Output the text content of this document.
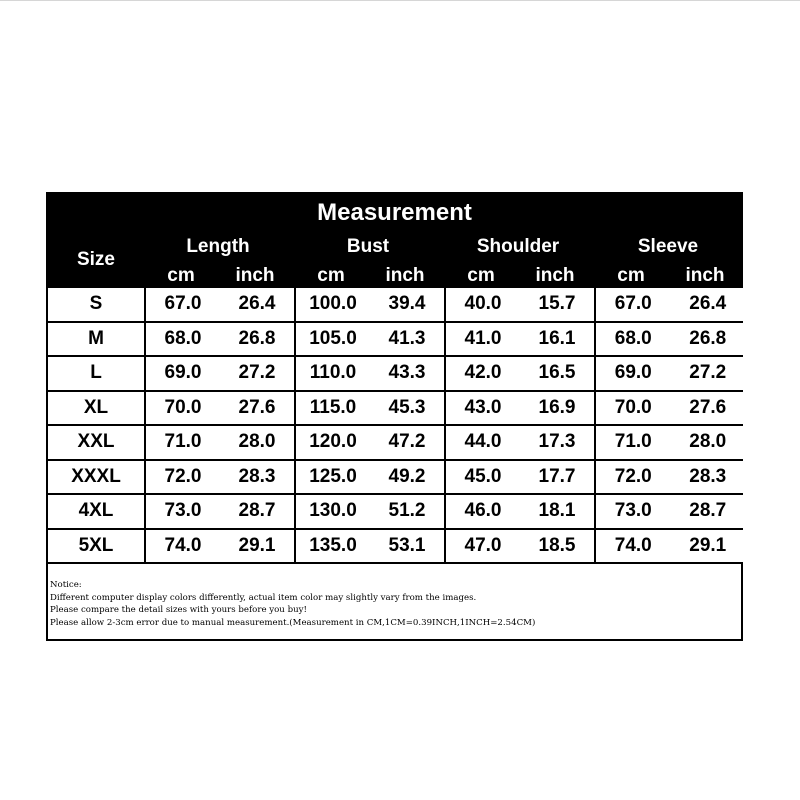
Measurement
Size
Length	Bust	Shoulder	Sleeve
cm	inch	cm	inch	cm	inch	cm	inch
S	67.0	26.4	100.0	39.4	40.0	15.7	67.0	26.4
M	68.0	26.8	105.0	41.3	41.0	16.1	68.0	26.8
L	69.0	27.2	110.0	43.3	42.0	16.5	69.0	27.2
XL	70.0	27.6	115.0	45.3	43.0	16.9	70.0	27.6
XXL	71.0	28.0	120.0	47.2	44.0	17.3	71.0	28.0
XXXL	72.0	28.3	125.0	49.2	45.0	17.7	72.0	28.3
4XL	73.0	28.7	130.0	51.2	46.0	18.1	73.0	28.7
5XL	74.0	29.1	135.0	53.1	47.0	18.5	74.0	29.1
Notice:
Different computer display colors differently, actual item color may slightly vary from the images.
Please compare the detail sizes with yours before you buy!
Please allow 2-3cm error due to manual measurement.(Measurement in CM,1CM=0.39INCH,1INCH=2.54CM)
